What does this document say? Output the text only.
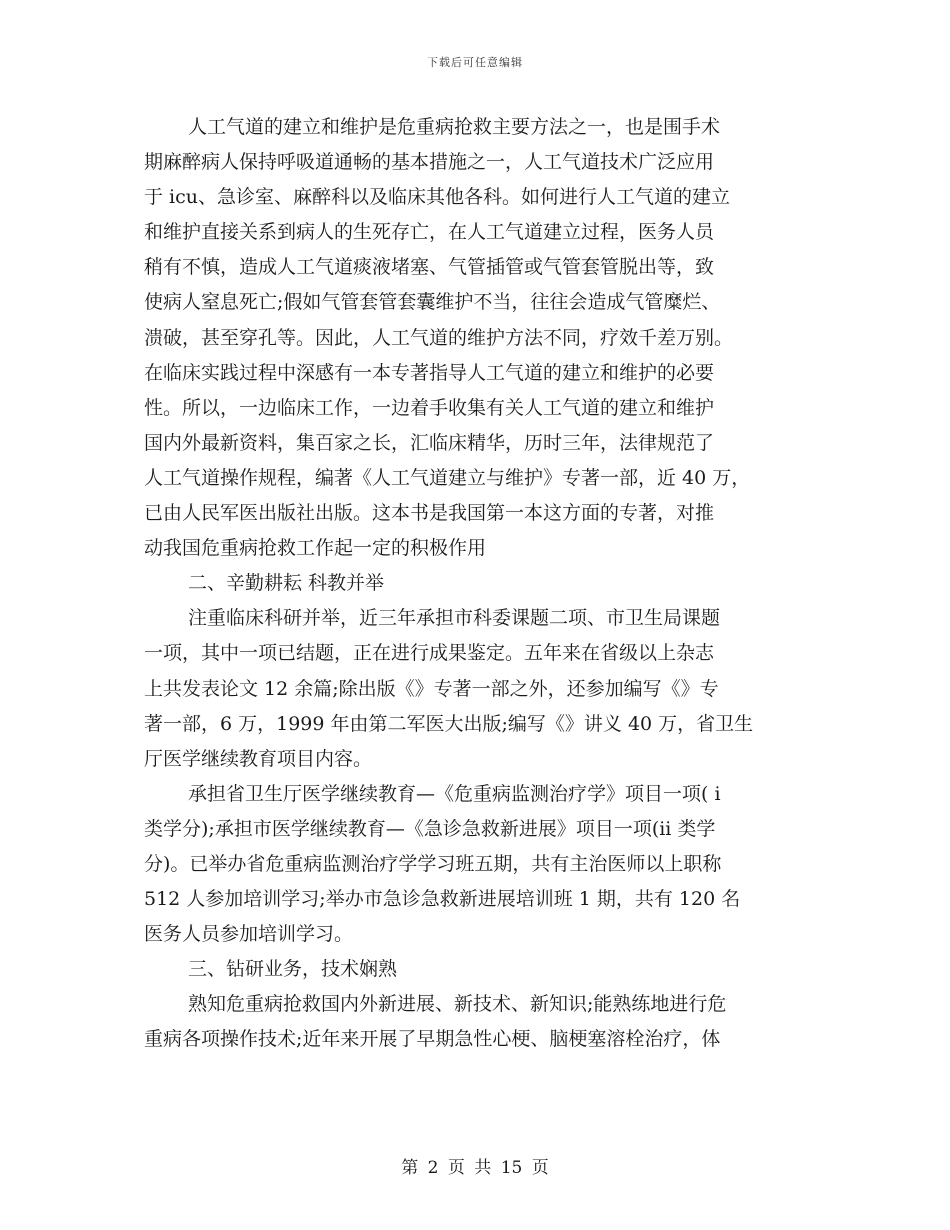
下载后可任意编辑
人工气道的建立和维护是危重病抢救主要方法之一，也是围手术
期麻醉病人保持呼吸道通畅的基本措施之一，人工气道技术广泛应用
于 icu、急诊室、麻醉科以及临床其他各科。如何进行人工气道的建立
和维护直接关系到病人的生死存亡，在人工气道建立过程，医务人员
稍有不慎，造成人工气道痰液堵塞、气管插管或气管套管脱出等，致
使病人窒息死亡;假如气管套管套囊维护不当，往往会造成气管糜烂、
溃破，甚至穿孔等。因此，人工气道的维护方法不同，疗效千差万别。
在临床实践过程中深感有一本专著指导人工气道的建立和维护的必要
性。所以，一边临床工作，一边着手收集有关人工气道的建立和维护
国内外最新资料，集百家之长，汇临床精华，历时三年，法律规范了
人工气道操作规程，编著《人工气道建立与维护》专著一部，近 40 万，
已由人民军医出版社出版。这本书是我国第一本这方面的专著，对推
动我国危重病抢救工作起一定的积极作用
二、辛勤耕耘 科教并举
注重临床科研并举，近三年承担市科委课题二项、市卫生局课题
一项，其中一项已结题，正在进行成果鉴定。五年来在省级以上杂志
上共发表论文 12 余篇;除出版《》专著一部之外，还参加编写《》专
著一部，6 万，1999 年由第二军医大出版;编写《》讲义 40 万，省卫生
厅医学继续教育项目内容。
承担省卫生厅医学继续教育—《危重病监测治疗学》项目一项( i
类学分);承担市医学继续教育—《急诊急救新进展》项目一项(ii 类学
分)。已举办省危重病监测治疗学学习班五期，共有主治医师以上职称
512 人参加培训学习;举办市急诊急救新进展培训班 1 期，共有 120 名
医务人员参加培训学习。
三、钻研业务，技术娴熟
熟知危重病抢救国内外新进展、新技术、新知识;能熟练地进行危
重病各项操作技术;近年来开展了早期急性心梗、脑梗塞溶栓治疗，体
第 2 页 共 15 页
